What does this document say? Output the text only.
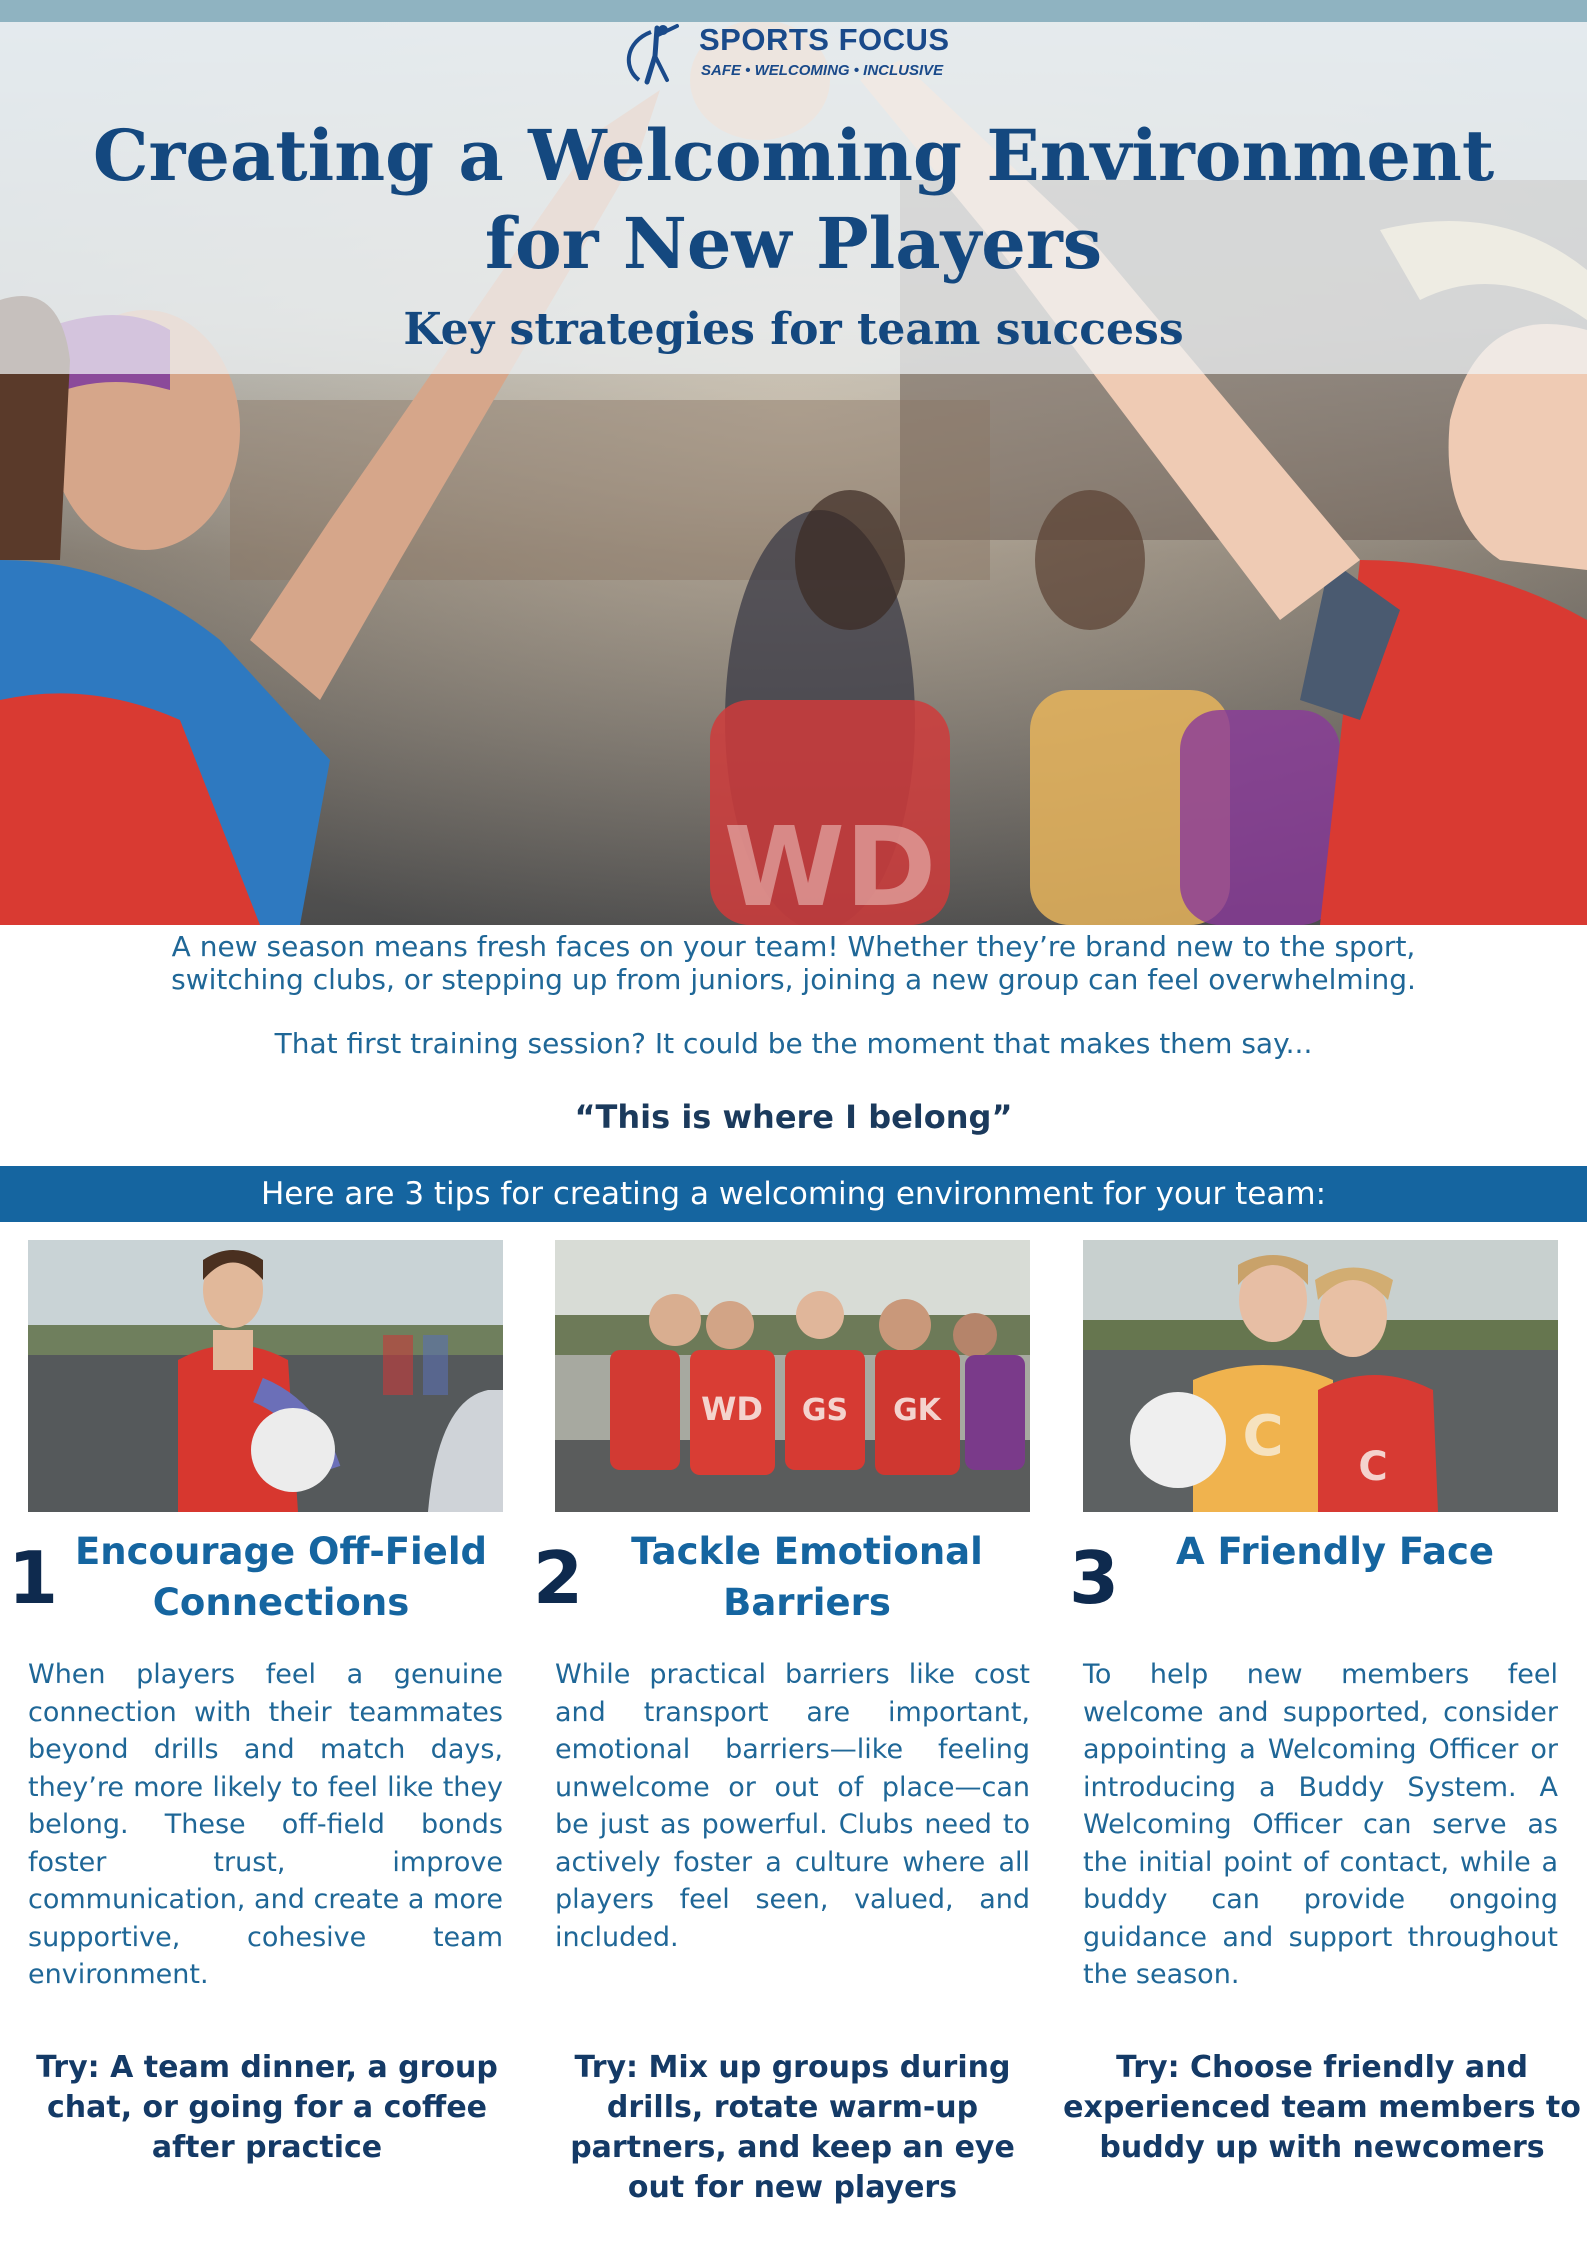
WD
SPORTS FOCUS
SAFE • WELCOMING • INCLUSIVE
Creating a Welcoming Environment
for New Players
Key strategies for team success
A new season means fresh faces on your team! Whether they’re brand new to the sport,
switching clubs, or stepping up from juniors, joining a new group can feel overwhelming.
That first training session? It could be the moment that makes them say...
“This is where I belong”
Here are 3 tips for creating a welcoming environment for your team:
1 Encourage Off-Field Connections
When players feel a genuine connection with their teammates beyond drills and match days, they’re more likely to feel like they belong. These off-field bonds foster trust, improve communication, and create a more supportive, cohesive team environment.
Try: A team dinner, a group chat, or going for a coffee after practice
WD GS GK
2	Tackle Emotional Barriers
While practical barriers like cost and transport are important, emotional barriers—like feeling unwelcome or out of place—can be just as powerful. Clubs need to actively foster a culture where all players feel seen, valued, and included.
Try: Mix up groups during drills, rotate warm-up partners, and keep an eye out for new players
C C
3	A Friendly Face
To help new members feel welcome and supported, consider appointing a Welcoming Officer or introducing a Buddy System. A Welcoming Officer can serve as the initial point of contact, while a buddy can provide ongoing guidance and support throughout the season.
Try: Choose friendly and experienced team members to buddy up with newcomers
